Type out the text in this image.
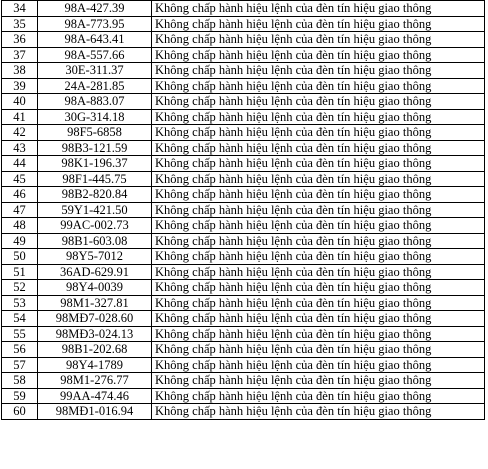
34	98A-427.39	Không chấp hành hiệu lệnh của đèn tín hiệu giao thông
35	98A-773.95	Không chấp hành hiệu lệnh của đèn tín hiệu giao thông
36	98A-643.41	Không chấp hành hiệu lệnh của đèn tín hiệu giao thông
37	98A-557.66	Không chấp hành hiệu lệnh của đèn tín hiệu giao thông
38	30E-311.37	Không chấp hành hiệu lệnh của đèn tín hiệu giao thông
39	24A-281.85	Không chấp hành hiệu lệnh của đèn tín hiệu giao thông
40	98A-883.07	Không chấp hành hiệu lệnh của đèn tín hiệu giao thông
41	30G-314.18	Không chấp hành hiệu lệnh của đèn tín hiệu giao thông
42	98F5-6858	Không chấp hành hiệu lệnh của đèn tín hiệu giao thông
43	98B3-121.59	Không chấp hành hiệu lệnh của đèn tín hiệu giao thông
44	98K1-196.37	Không chấp hành hiệu lệnh của đèn tín hiệu giao thông
45	98F1-445.75	Không chấp hành hiệu lệnh của đèn tín hiệu giao thông
46	98B2-820.84	Không chấp hành hiệu lệnh của đèn tín hiệu giao thông
47	59Y1-421.50	Không chấp hành hiệu lệnh của đèn tín hiệu giao thông
48	99AC-002.73	Không chấp hành hiệu lệnh của đèn tín hiệu giao thông
49	98B1-603.08	Không chấp hành hiệu lệnh của đèn tín hiệu giao thông
50	98Y5-7012	Không chấp hành hiệu lệnh của đèn tín hiệu giao thông
51	36AD-629.91	Không chấp hành hiệu lệnh của đèn tín hiệu giao thông
52	98Y4-0039	Không chấp hành hiệu lệnh của đèn tín hiệu giao thông
53	98M1-327.81	Không chấp hành hiệu lệnh của đèn tín hiệu giao thông
54	98MĐ7-028.60	Không chấp hành hiệu lệnh của đèn tín hiệu giao thông
55	98MĐ3-024.13	Không chấp hành hiệu lệnh của đèn tín hiệu giao thông
56	98B1-202.68	Không chấp hành hiệu lệnh của đèn tín hiệu giao thông
57	98Y4-1789	Không chấp hành hiệu lệnh của đèn tín hiệu giao thông
58	98M1-276.77	Không chấp hành hiệu lệnh của đèn tín hiệu giao thông
59	99AA-474.46	Không chấp hành hiệu lệnh của đèn tín hiệu giao thông
60	98MĐ1-016.94	Không chấp hành hiệu lệnh của đèn tín hiệu giao thông
